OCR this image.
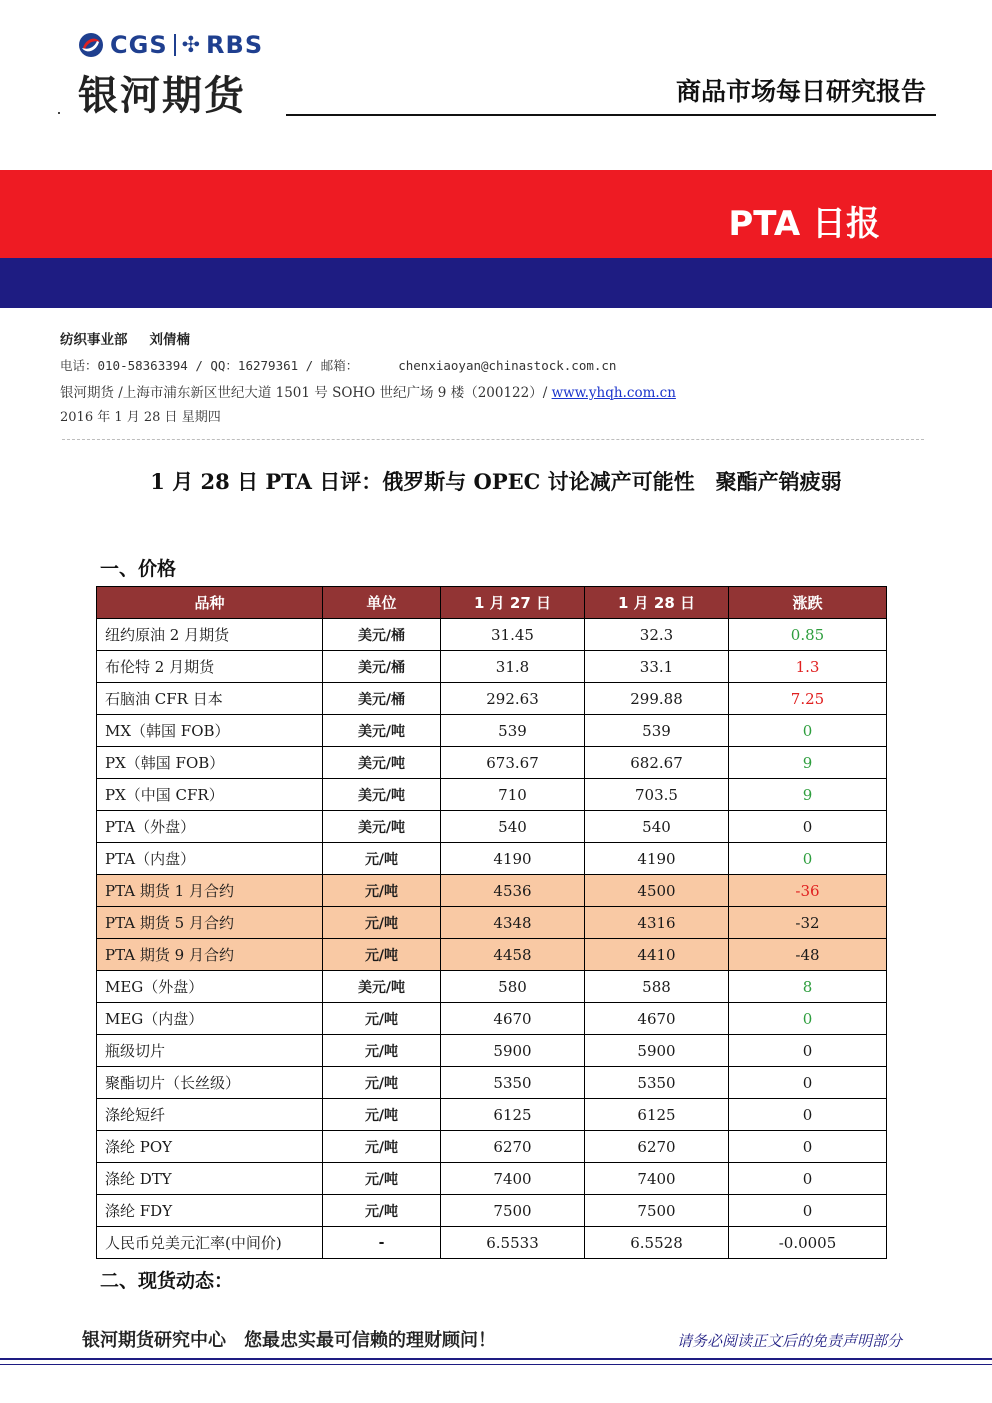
CGS ✣ RBS
银河期货	商品市场每日研究报告
PTA 日报
纺织事业部 刘倩楠
电话：010-58363394 / QQ：16279361 / 邮箱：	chenxiaoyan@chinastock.com.cn
银河期货 /上海市浦东新区世纪大道 1501 号 SOHO 世纪广场 9 楼（200122）/ www.yhqh.com.cn
2016 年 1 月 28 日 星期四
1 月 28 日 PTA 日评：俄罗斯与 OPEC 讨论减产可能性　聚酯产销疲弱
一、价格
品种	单位	1 月 27 日	1 月 28 日	涨跌
纽约原油 2 月期货	美元/桶	31.45	32.3	0.85
布伦特 2 月期货	美元/桶	31.8	33.1	1.3
石脑油 CFR 日本	美元/桶	292.63	299.88	7.25
MX（韩国 FOB）	美元/吨	539	539	0
PX（韩国 FOB）	美元/吨	673.67	682.67	9
PX（中国 CFR）	美元/吨	710	703.5	9
PTA（外盘）	美元/吨	540	540	0
PTA（内盘）	元/吨	4190	4190	0
PTA 期货 1 月合约	元/吨	4536	4500	-36
PTA 期货 5 月合约	元/吨	4348	4316	-32
PTA 期货 9 月合约	元/吨	4458	4410	-48
MEG（外盘）	美元/吨	580	588	8
MEG（内盘）	元/吨	4670	4670	0
瓶级切片	元/吨	5900	5900	0
聚酯切片（长丝级）	元/吨	5350	5350	0
涤纶短纤	元/吨	6125	6125	0
涤纶 POY	元/吨	6270	6270	0
涤纶 DTY	元/吨	7400	7400	0
涤纶 FDY	元/吨	7500	7500	0
人民币兑美元汇率(中间价)	-	6.5533	6.5528	-0.0005
二、现货动态：
银河期货研究中心 您最忠实最可信赖的理财顾问！	请务必阅读正文后的免责声明部分
